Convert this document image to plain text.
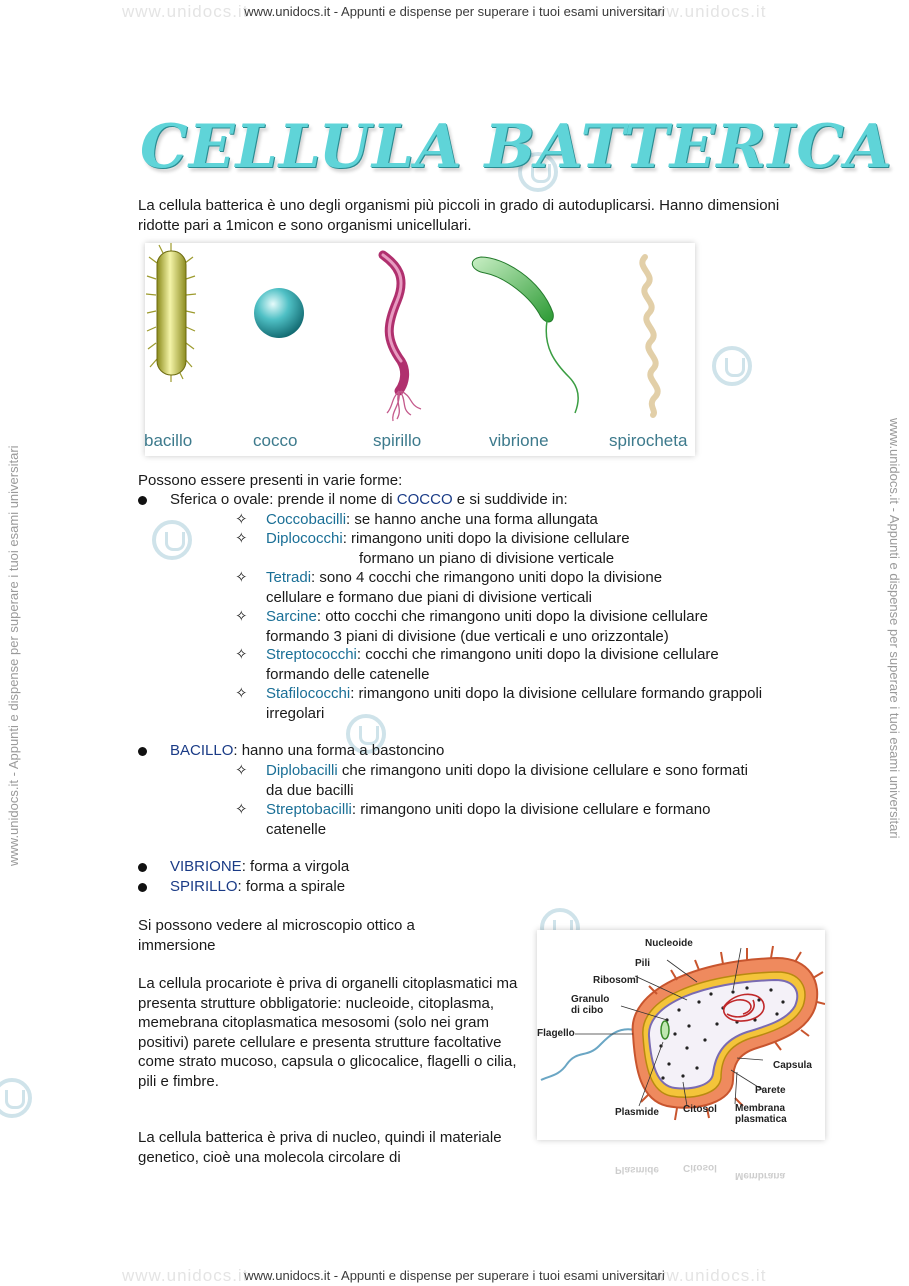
www.unidocs.it	www.unidocs.it
www.unidocs.it - Appunti e dispense per superare i tuoi esami universitari
www.unidocs.it	www.unidocs.it
www.unidocs.it - Appunti e dispense per superare i tuoi esami universitari
www.unidocs.it - Appunti e dispense per superare i tuoi esami universitari	www.unidocs.it - Appunti e dispense per superare i tuoi esami universitari
CELLULA BATTERICA

La cellula batterica è uno degli organismi più piccoli in grado di autoduplicarsi. Hanno dimensioni ridotte pari a 1micon e sono organismi unicellulari.

bacillo	cocco	spirillo	vibrione	spirocheta

Possono essere presenti in varie forme:

Sferica o ovale: prende il nome di COCCO e si suddivide in:
✧ Coccobacilli: se hanno anche una forma allungata
✧ Diplococchi: rimangono uniti dopo la divisione cellulare
formano un piano di divisione verticale
✧ Tetradi: sono 4 cocchi che rimangono uniti dopo la divisione cellulare e formano due piani di divisione verticali
✧ Sarcine: otto cocchi che rimangono uniti dopo la divisione cellulare formando 3 piani di divisione (due verticali e uno orizzontale)
✧ Streptococchi: cocchi che rimangono uniti dopo la divisione cellulare formando delle catenelle
✧ Stafilococchi: rimangono uniti dopo la divisione cellulare formando grappoli irregolari
BACILLO: hanno una forma a bastoncino
✧ Diplobacilli che rimangono uniti dopo la divisione cellulare e sono formati da due bacilli
✧ Streptobacilli: rimangono uniti dopo la divisione cellulare e formano catenelle
VIBRIONE: forma a virgola
SPIRILLO: forma a spirale

Si possono vedere al microscopio ottico a immersione

La cellula procariote è priva di organelli citoplasmatici ma presenta strutture obbligatorie: nucleoide, citoplasma, memebrana citoplasmatica mesosomi (solo nei gram positivi) parete cellulare e presenta strutture facoltative come strato mucoso, capsula o glicocalice, flagelli o cilia, pili e fimbre.

La cellula batterica è priva di nucleo, quindi il materiale genetico, cioè una molecola circolare di

Nucleoide
Pili
Ribosomi
Granulo
di cibo
Flagello
Capsula
Parete
Plasmide Citosol Membrana
plasmatica
Plasmide Citosol
Membrana
